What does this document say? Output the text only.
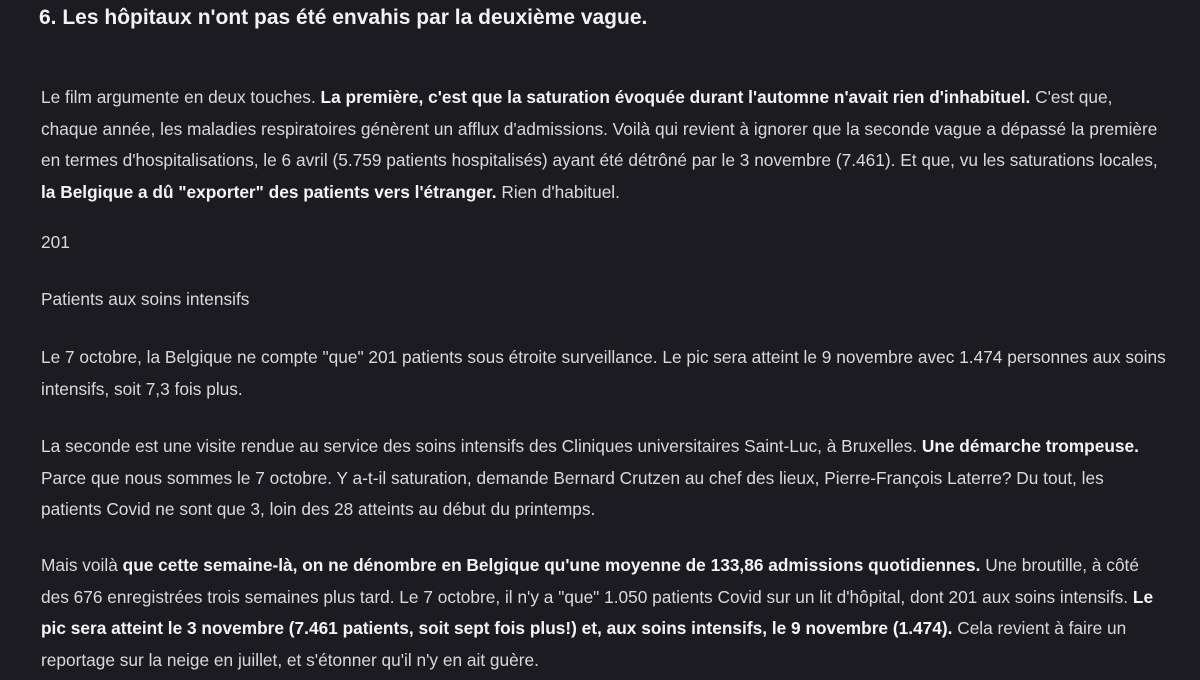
6. Les hôpitaux n'ont pas été envahis par la deuxième vague.

Le film argumente en deux touches. La première, c'est que la saturation évoquée durant l'automne n'avait rien d'inhabituel. C'est que, chaque année, les maladies respiratoires génèrent un afflux d'admissions. Voilà qui revient à ignorer que la seconde vague a dépassé la première en termes d'hospitalisations, le 6 avril (5.759 patients hospitalisés) ayant été détrôné par le 3 novembre (7.461). Et que, vu les saturations locales, la Belgique a dû "exporter" des patients vers l'étranger. Rien d'habituel.

201

Patients aux soins intensifs

Le 7 octobre, la Belgique ne compte "que" 201 patients sous étroite surveillance. Le pic sera atteint le 9 novembre avec 1.474 personnes aux soins intensifs, soit 7,3 fois plus.

La seconde est une visite rendue au service des soins intensifs des Cliniques universitaires Saint-Luc, à Bruxelles. Une démarche trompeuse. Parce que nous sommes le 7 octobre. Y a-t-il saturation, demande Bernard Crutzen au chef des lieux, Pierre-François Laterre? Du tout, les patients Covid ne sont que 3, loin des 28 atteints au début du printemps.

Mais voilà que cette semaine-là, on ne dénombre en Belgique qu'une moyenne de 133,86 admissions quotidiennes. Une broutille, à côté des 676 enregistrées trois semaines plus tard. Le 7 octobre, il n'y a "que" 1.050 patients Covid sur un lit d'hôpital, dont 201 aux soins intensifs. Le pic sera atteint le 3 novembre (7.461 patients, soit sept fois plus!) et, aux soins intensifs, le 9 novembre (1.474). Cela revient à faire un reportage sur la neige en juillet, et s'étonner qu'il n'y en ait guère.
